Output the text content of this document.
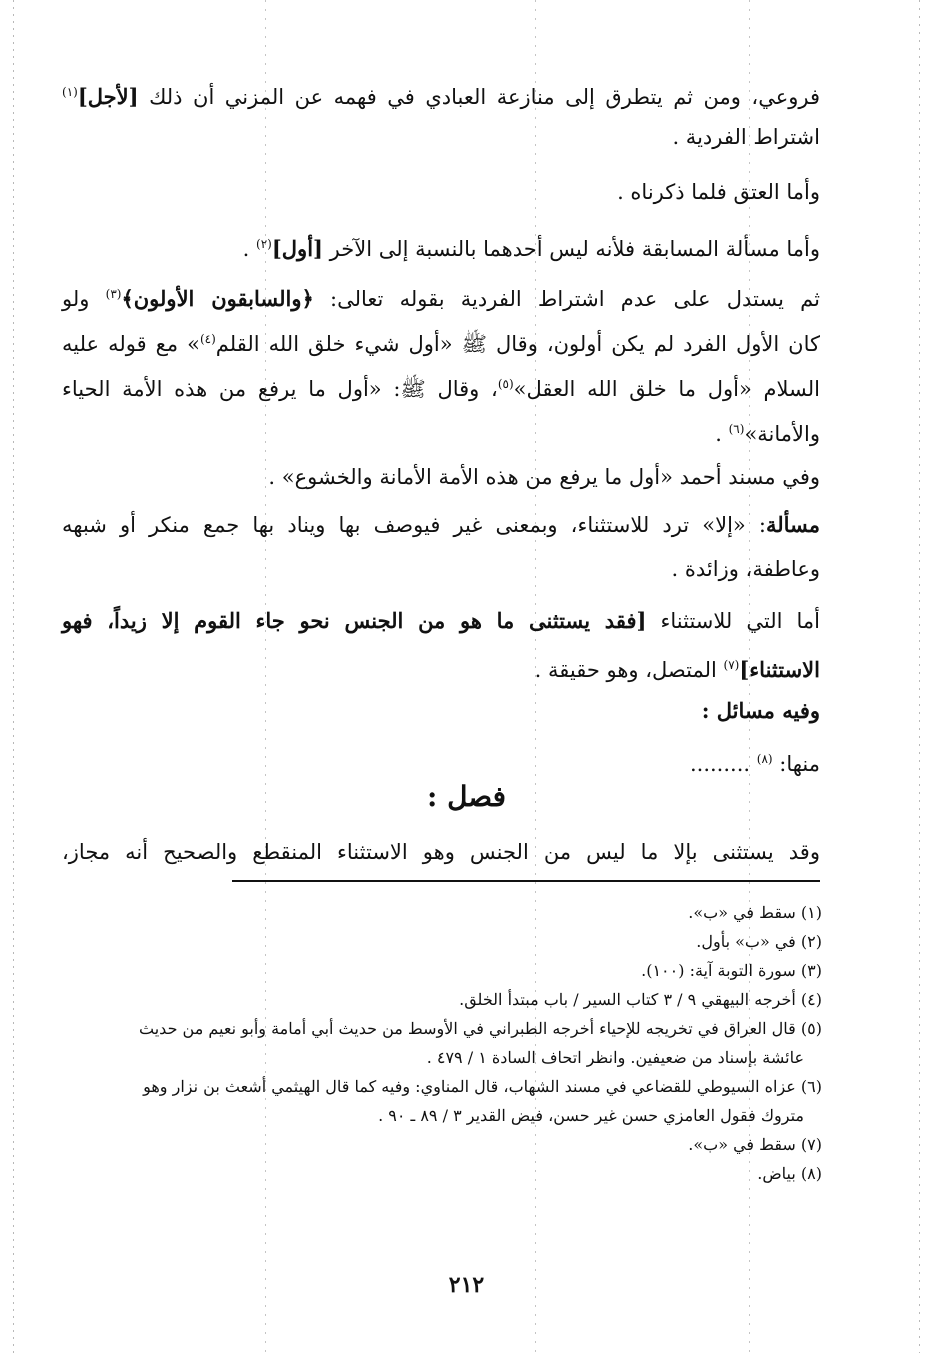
فروعي، ومن ثم يتطرق إلى منازعة العبادي في فهمه عن المزني أن ذلك [لأجل]$^{(١)}$
اشتراط الفردية .
وأما العتق فلما ذكرناه .
وأما مسألة المسابقة فلأنه ليس أحدهما بالنسبة إلى الآخر [أول]$^{(٢)}$ .
ثم يستدل على عدم اشتراط الفردية بقوله تعالى: ﴿والسابقون الأولون﴾$^{(٣)}$ ولو
كان الأول الفرد لم يكن أولون، وقال ﷺ «أول شيء خلق الله القلم$^{(٤)}$» مع قوله عليه
السلام «أول ما خلق الله العقل»$^{(٥)}$، وقال ﷺ: «أول ما يرفع من هذه الأمة الحياء
والأمانة»$^{(٦)}$ .
وفي مسند أحمد «أول ما يرفع من هذه الأمة الأمانة والخشوع» .
مسألة: «إلا» ترد للاستثناء، وبمعنى غير فيوصف بها ويناد بها جمع منكر أو شبهه
وعاطفة، وزائدة .
أما التي للاستثناء [فقد يستثنى ما هو من الجنس نحو جاء القوم إلا زيداً، فهو
الاستثناء]$^{(٧)}$ المتصل، وهو حقيقة .
وفيه مسائل :
منها: $^{(٨)}$ .........
فصل :
وقد يستثنى بإلا ما ليس من الجنس وهو الاستثناء المنقطع والصحيح أنه مجاز،
(١) سقط في «ب».
(٢) في «ب» بأول.
(٣) سورة التوبة آية: (١٠٠).
(٤) أخرجه البيهقي ٩ / ٣ كتاب السير / باب مبتدأ الخلق.
(٥) قال العراق في تخريجه للإحياء أخرجه الطبراني في الأوسط من حديث أبي أمامة وأبو نعيم من حديث
عائشة بإسناد من ضعيفين. وانظر اتحاف السادة ١ / ٤٧٩ .
(٦) عزاه السيوطي للقضاعي في مسند الشهاب، قال المناوي: وفيه كما قال الهيثمي أشعث بن نزار وهو
متروك فقول العامزي حسن غير حسن، فيض القدير ٣ / ٨٩ ـ ٩٠ .
(٧) سقط في «ب».
(٨) بياض.
٢١٢
